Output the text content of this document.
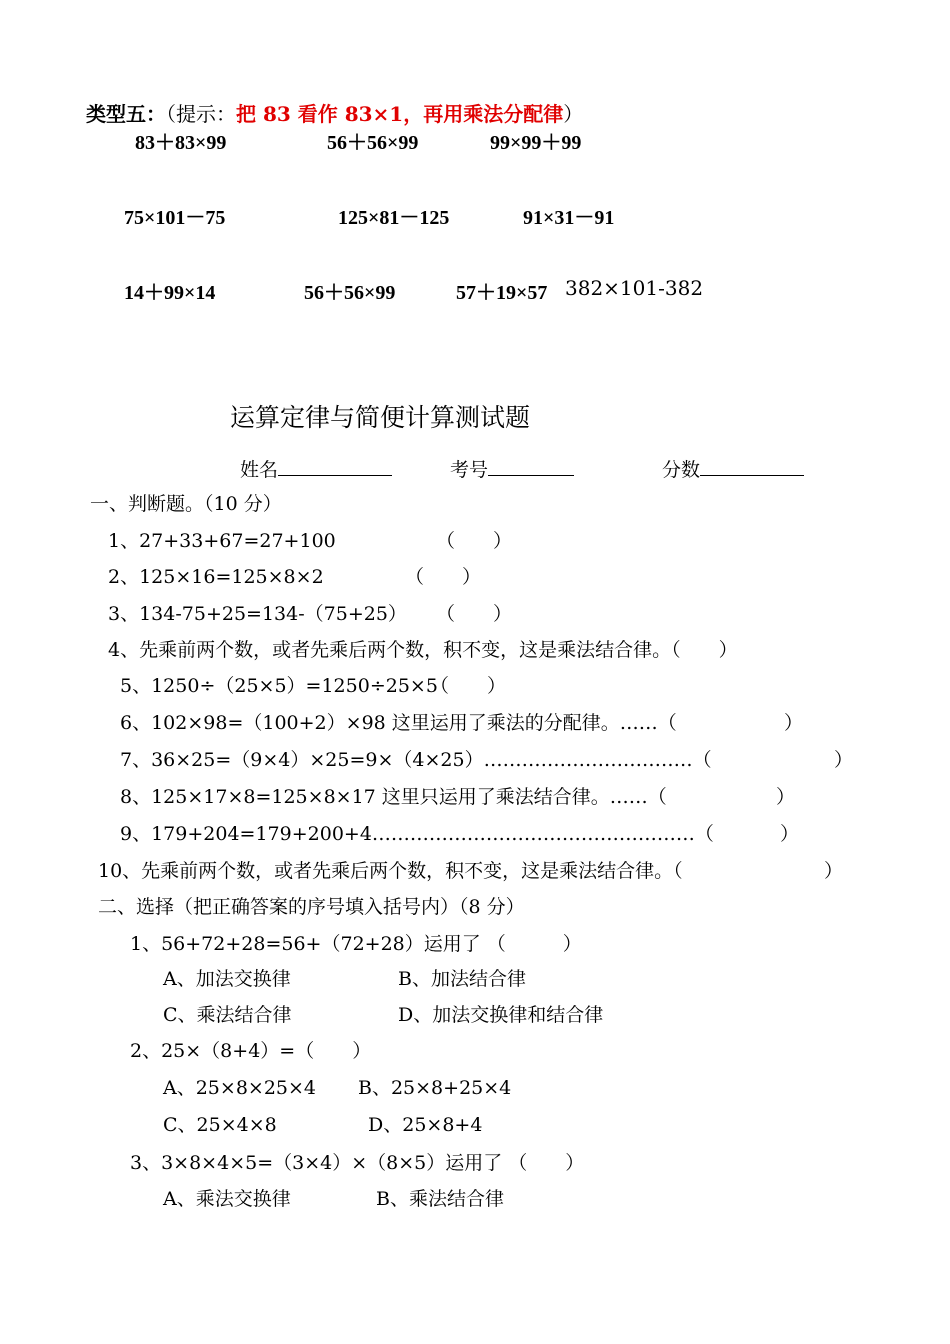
类型五：（提示：把 83 看作 83×1，再用乘法分配律）
83＋83×99	56＋56×99	99×99＋99
75×101－75	125×81－125	91×31－91
14＋99×14	56＋56×99	57＋19×57 382×101-382
运算定律与简便计算测试题
姓名	考号	分数
一、判断题。（10 分）
1、27+33+67=27+100	（　　）
2、125×16=125×8×2	（　　）
3、134-75+25=134-（75+25） （　　）
4、先乘前两个数，或者先乘后两个数，积不变，这是乘法结合律。（　　）
5、1250÷（25×5）=1250÷25×5
（　　）
6、102×98=（100+2）×98 这里运用了乘法的分配律。……（	）
7、36×25=（9×4）×25=9×（4×25）……………………………（	）
8、125×17×8=125×8×17 这里只运用了乘法结合律。……（	）
9、179+204=179+200+4……………………………………………（	）
10、先乘前两个数，或者先乘后两个数，积不变，这是乘法结合律。（	）
二、选择（把正确答案的序号填入括号内）（8 分）
1、56+72+28=56+（72+28）运用了 （　　　）
A、加法交换律	B、加法结合律
C、乘法结合律	D、加法交换律和结合律
2、25×（8+4）=（　　）
A、25×8×25×4 B、25×8+25×4
C、25×4×8	D、25×8+4
3、3×8×4×5=（3×4）×（8×5）运用了 （　　）
A、乘法交换律	B、乘法结合律
